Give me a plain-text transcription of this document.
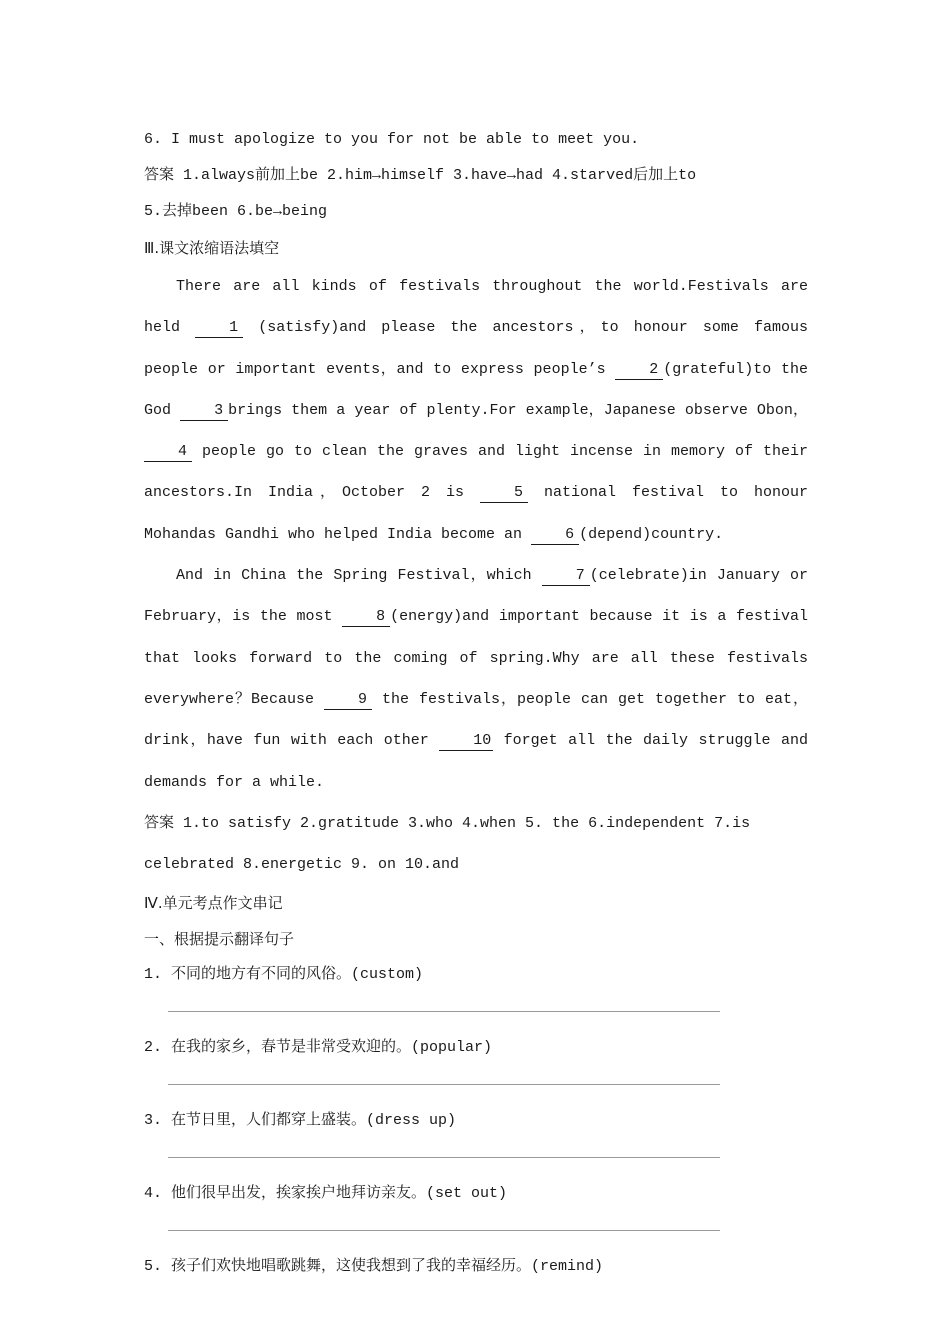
6. I must apologize to you for not be able to meet you.
答案 1.always前加上be 2.him→himself 3.have→had 4.starved后加上to
5.去掉been 6.be→being
Ⅲ.课文浓缩语法填空
There are all kinds of festivals throughout the world.Festivals are held	1 (satisfy)and please the ancestors，to honour some famous people or important events，and to express people’s	2 (grateful)to the God	3 brings them a year of plenty.For example，Japanese observe Obon， 4 people go to clean the graves and light incense in memory of their ancestors.In India，October 2 is	5 national festival to honour Mohandas Gandhi who helped India become an	6 (depend)country.
And in China the Spring Festival，which	7 (celebrate)in January or February，is the most	8 (energy)and important because it is a festival that looks forward to the coming of spring.Why are all these festivals everywhere？Because	9 the festivals，people can get together to eat，drink，have fun with each other	10 forget all the daily struggle and demands for a while.
答案 1.to satisfy 2.gratitude 3.who 4.when 5. the 6.independent 7.is
celebrated 8.energetic 9. on 10.and
Ⅳ.单元考点作文串记
一、根据提示翻译句子
1. 不同的地方有不同的风俗。(custom)
2. 在我的家乡，春节是非常受欢迎的。(popular)
3. 在节日里，人们都穿上盛装。(dress up)
4. 他们很早出发，挨家挨户地拜访亲友。(set out)
5. 孩子们欢快地唱歌跳舞，这使我想到了我的幸福经历。(remind)
